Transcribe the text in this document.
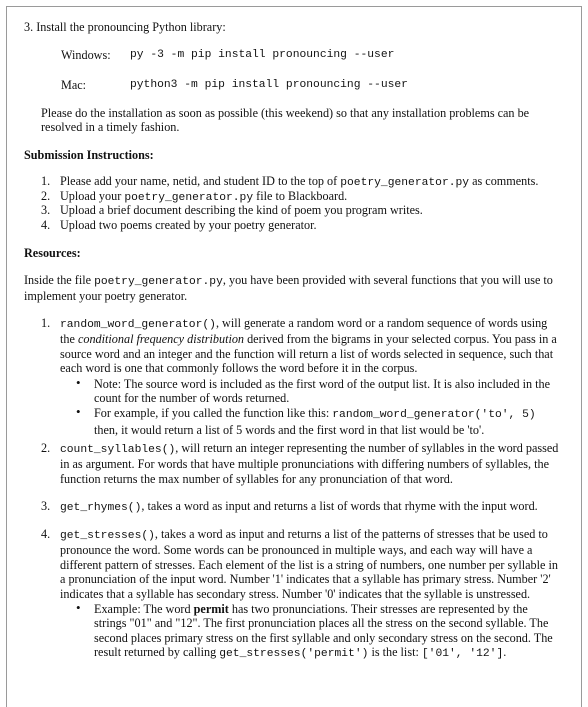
3. Install the pronouncing Python library:

Windows: py -3 -m pip install pronouncing --user
Mac:	python3 -m pip install pronouncing --user

Please do the installation as soon as possible (this weekend) so that any installation problems can be resolved in a timely fashion.

Submission Instructions:

1. Please add your name, netid, and student ID to the top of poetry_generator.py as comments.
2. Upload your poetry_generator.py file to Blackboard.
3. Upload a brief document describing the kind of poem you program writes.
4. Upload two poems created by your poetry generator.

Resources:

Inside the file poetry_generator.py, you have been provided with several functions that you will use to implement your poetry generator.

1. random_word_generator(), will generate a random word or a random sequence of words using the conditional frequency distribution derived from the bigrams in your selected corpus. You pass in a source word and an integer and the function will return a list of words selected in sequence, such that each word is one that commonly follows the word before it in the corpus.

• Note: The source word is included as the first word of the output list. It is also included in the count for the number of words returned.

• For example, if you called the function like this: random_word_generator('to', 5) then, it would return a list of 5 words and the first word in that list would be 'to'.

2. count_syllables(), will return an integer representing the number of syllables in the word passed in as argument. For words that have multiple pronunciations with differing numbers of syllables, the function returns the max number of syllables for any pronunciation of that word.

3. get_rhymes(), takes a word as input and returns a list of words that rhyme with the input word.

4. get_stresses(), takes a word as input and returns a list of the patterns of stresses that be used to pronounce the word. Some words can be pronounced in multiple ways, and each way will have a different pattern of stresses. Each element of the list is a string of numbers, one number per syllable in a pronunciation of the input word. Number '1' indicates that a syllable has primary stress. Number '2' indicates that a syllable has secondary stress. Number '0' indicates that the syllable is unstressed.

• Example: The word permit has two pronunciations. Their stresses are represented by the strings "01" and "12". The first pronunciation places all the stress on the second syllable. The second places primary stress on the first syllable and only secondary stress on the second. The result returned by calling get_stresses('permit') is the list: ['01', '12'].
